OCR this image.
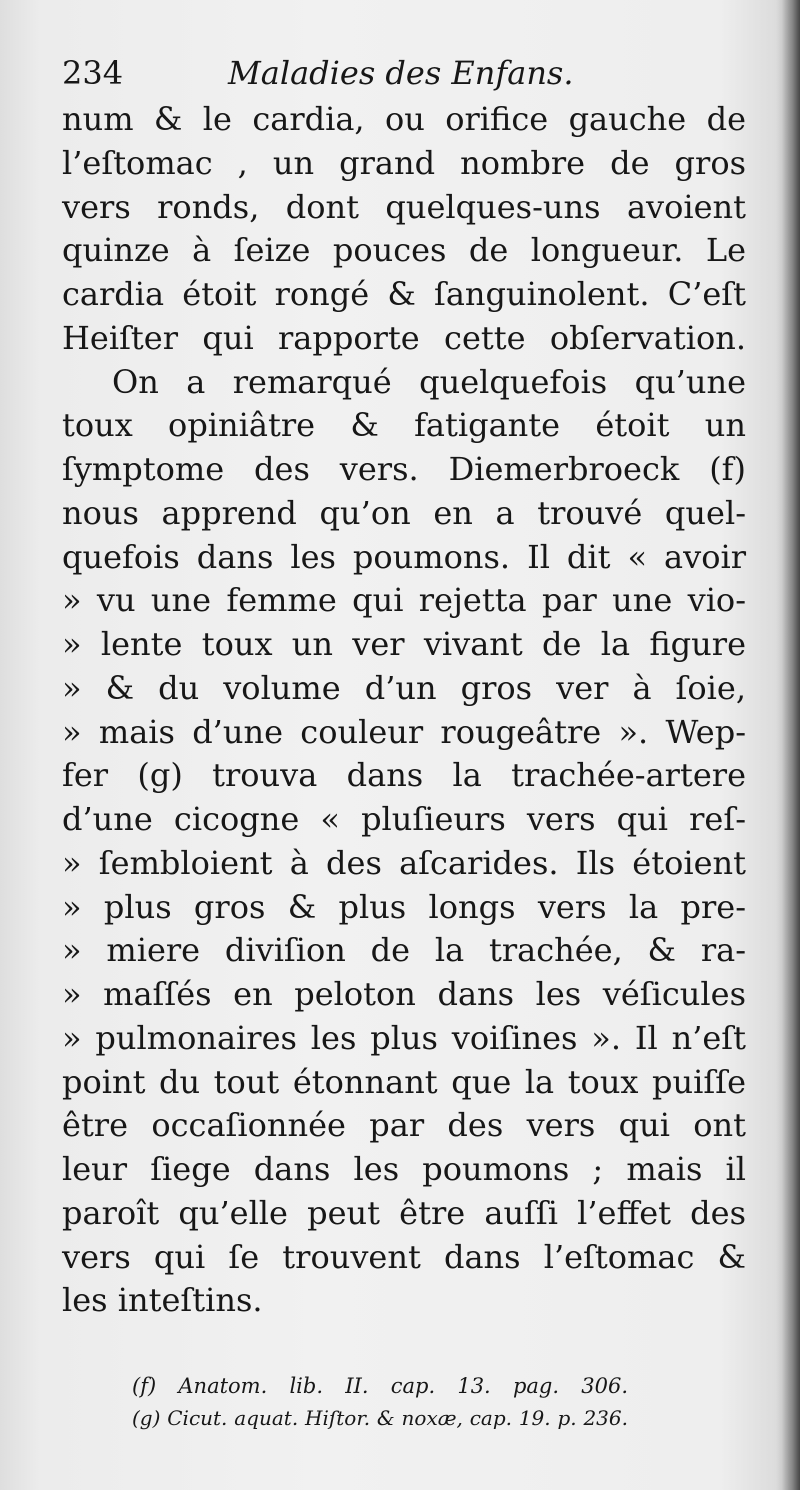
234	Maladies des Enfans.
num & le cardia, ou orifice gauche de
l’eſtomac , un grand nombre de gros
vers ronds, dont quelques-uns avoient
quinze à ſeize pouces de longueur. Le
cardia étoit rongé & ſanguinolent. C’eſt
Heiſter qui rapporte cette obſervation.
On a remarqué quelquefois qu’une
toux opiniâtre & fatigante étoit un
ſymptome des vers. Diemerbroeck (f)
nous apprend qu’on en a trouvé quel-
quefois dans les poumons. Il dit « avoir
» vu une femme qui rejetta par une vio-
» lente toux un ver vivant de la figure
» & du volume d’un gros ver à ſoie,
» mais d’une couleur rougeâtre ». Wep-
fer (g) trouva dans la trachée-artere
d’une cicogne « pluſieurs vers qui reſ-
» ſembloient à des aſcarides. Ils étoient
» plus gros & plus longs vers la pre-
» miere diviſion de la trachée, & ra-
» maſſés en peloton dans les véſicules
» pulmonaires les plus voiſines ». Il n’eſt
point du tout étonnant que la toux puiſſe
être occaſionnée par des vers qui ont
leur ſiege dans les poumons ; mais il
paroît qu’elle peut être auſſi l’effet des
vers qui ſe trouvent dans l’eſtomac &
les inteſtins.
(f) Anatom. lib. II. cap. 13. pag. 306.
(g) Cicut. aquat. Hiſtor. & noxæ, cap. 19. p. 236.
